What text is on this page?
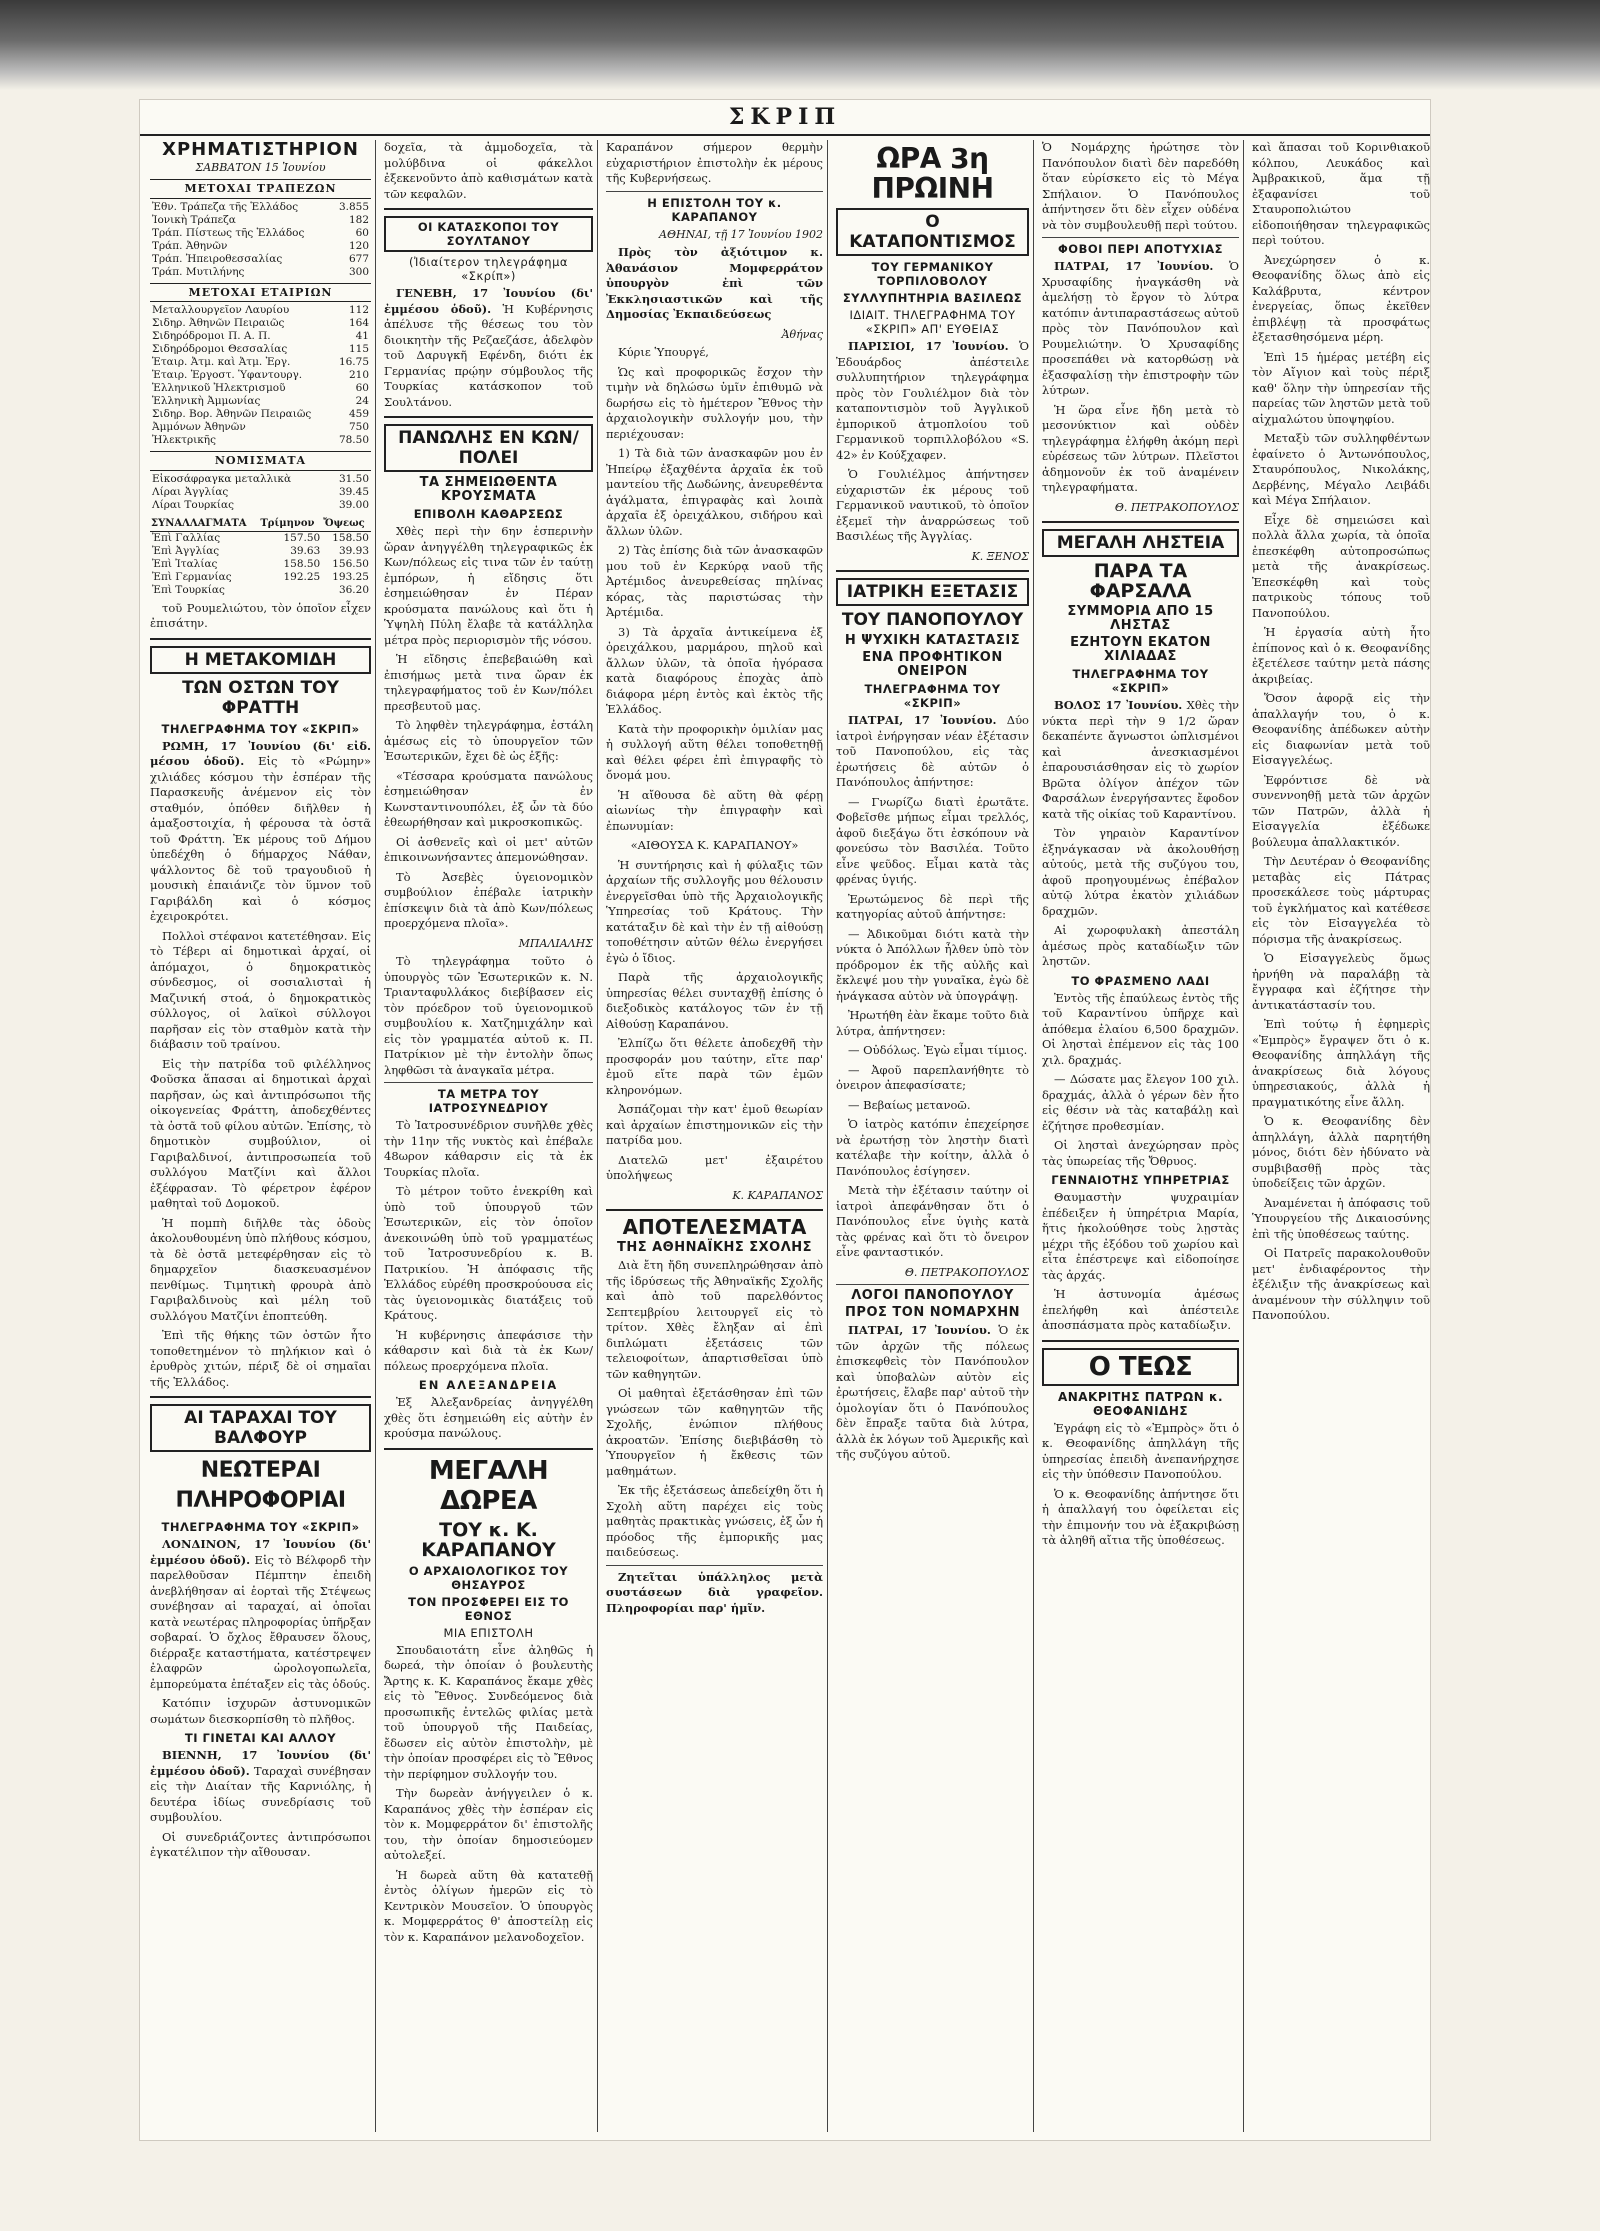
ΣΚΡΙΠ
ΧΡΗΜΑΤΙΣΤΗΡΙΟΝ
ΣΑΒΒΑΤΟΝ 15 Ἰουνίου
ΜΕΤΟΧΑΙ ΤΡΑΠΕΖΩΝ
Ἐθν. Τράπεζα τῆς Ἑλλάδος	3.855
Ἰονικὴ Τράπεζα	182
Τράπ. Πίστεως τῆς Ἑλλάδος	60
Τράπ. Ἀθηνῶν	120
Τράπ. Ἠπειροθεσσαλίας	677
Τράπ. Μυτιλήνης	300
ΜΕΤΟΧΑΙ ΕΤΑΙΡΙΩΝ
Μεταλλουργεῖον Λαυρίου	112
Σιδηρ. Ἀθηνῶν Πειραιῶς	164
Σιδηρόδρομοι Π. Α. Π.	41
Σιδηρόδρομοι Θεσσαλίας	115
Ἑταιρ. Ἀτμ. καὶ Ἀτμ. Ἐργ.	16.75
Ἑταιρ. Ἐργοστ. Ὑφαντουργ.	210
Ἑλληνικοῦ Ἠλεκτρισμοῦ	60
Ἑλληνικὴ Ἀμμωνίας	24
Σιδηρ. Βορ. Ἀθηνῶν Πειραιῶς	459
Ἀμμόνων Ἀθηνῶν	750
Ἠλεκτρικῆς	78.50
ΝΟΜΙΣΜΑΤΑ
Εἰκοσάφραγκα μεταλλικὰ	31.50
Λίραι Ἀγγλίας	39.45
Λίραι Τουρκίας	39.00
ΣΥΝΑΛΛΑΓΜΑΤΑ	Τρίμηνον	Ὄψεως
Ἐπὶ Γαλλίας	157.50	158.50
Ἐπὶ Ἀγγλίας	39.63	39.93
Ἐπὶ Ἰταλίας	158.50	156.50
Ἐπὶ Γερμανίας	192.25	193.25
Ἐπὶ Τουρκίας		36.20

τοῦ Ρουμελιώτου, τὸν ὁποῖον εἶχεν ἐπισάτην.

Η ΜΕΤΑΚΟΜΙΔΗ
ΤΩΝ ΟΣΤΩΝ ΤΟΥ ΦΡΑΤΤΗ
ΤΗΛΕΓΡΑΦΗΜΑ ΤΟΥ «ΣΚΡΙΠ»

ΡΩΜΗ, 17 Ἰουνίου (δι' εἰδ. μέσου ὁδοῦ). Εἰς τὸ «Ρώμην» χιλιάδες κόσμου τὴν ἑσπέραν τῆς Παρασκευῆς ἀνέμενον εἰς τὸν σταθμόν, ὁπόθεν διῆλθεν ἡ ἁμαξοστοιχία, ἡ φέρουσα τὰ ὀστᾶ τοῦ Φράττη. Ἐκ μέρους τοῦ Δήμου ὑπεδέχθη ὁ δήμαρχος Νάθαν, ψάλλοντος δὲ τοῦ τραγουδιοῦ ἡ μουσικὴ ἐπαιάνιζε τὸν ὕμνον τοῦ Γαριβάλδη καὶ ὁ κόσμος ἐχειροκρότει.

Πολλοὶ στέφανοι κατετέθησαν. Εἰς τὸ Τέβερι αἱ δημοτικαὶ ἀρχαί, οἱ ἀπόμαχοι, ὁ δημοκρατικὸς σύνδεσμος, οἱ σοσιαλισταὶ ἡ Μαζινική στοά, ὁ δημοκρατικὸς σύλλογος, οἱ λαϊκοὶ σύλλογοι παρῆσαν εἰς τὸν σταθμὸν κατὰ τὴν διάβασιν τοῦ τραίνου.

Εἰς τὴν πατρίδα τοῦ φιλέλληνος Φοῦσκα ἅπασαι αἱ δημοτικαὶ ἀρχαὶ παρῆσαν, ὡς καὶ ἀντιπρόσωποι τῆς οἰκογενείας Φράττη, ἀποδεχθέντες τὰ ὀστᾶ τοῦ φίλου αὐτῶν. Ἐπίσης, τὸ δημοτικὸν συμβούλιον, οἱ Γαριβαλδινοί, ἀντιπροσωπεία τοῦ συλλόγου Ματζίνι καὶ ἄλλοι ἐξέφρασαν. Τὸ φέρετρον ἐφέρον μαθηταὶ τοῦ Δομοκοῦ.

Ἡ πομπὴ διῆλθε τὰς ὁδοὺς ἀκολουθουμένη ὑπὸ πλήθους κόσμου, τὰ δὲ ὀστᾶ μετεφέρθησαν εἰς τὸ δημαρχεῖον διασκευασμένον πενθίμως. Τιμητικὴ φρουρὰ ἀπὸ Γαριβαλδινοὺς καὶ μέλη τοῦ συλλόγου Ματζίνι ἐποπτεύθη.

Ἐπὶ τῆς θήκης τῶν ὀστῶν ἦτο τοποθετημένον τὸ πηλήκιον καὶ ὁ ἐρυθρὸς χιτών, πέριξ δὲ οἱ σημαῖαι τῆς Ἑλλάδος.

ΑΙ ΤΑΡΑΧΑΙ ΤΟΥ ΒΑΛΦΟΥΡ
ΝΕΩΤΕΡΑΙ ΠΛΗΡΟΦΟΡΙΑΙ
ΤΗΛΕΓΡΑΦΗΜΑ ΤΟΥ «ΣΚΡΙΠ»

ΛΟΝΔΙΝΟΝ, 17 Ἰουνίου (δι' ἐμμέσου ὁδοῦ). Εἰς τὸ Βέλφορδ τὴν παρελθοῦσαν Πέμπτην ἐπειδὴ ἀνεβλήθησαν αἱ ἑορταὶ τῆς Στέψεως συνέβησαν αἱ ταραχαί, αἱ ὁποῖαι κατὰ νεωτέρας πληροφορίας ὑπῆρξαν σοβαραί. Ὁ ὄχλος ἔθραυσεν ὅλους, διέρραξε καταστήματα, κατέστρεψεν ἐλαφρῶν ὠρολογοπωλεῖα, ἐμπορεύματα ἐπέταξεν εἰς τὰς ὁδούς.

Κατόπιν ἰσχυρῶν ἀστυνομικῶν σωμάτων διεσκορπίσθη τὸ πλῆθος.

ΤΙ ΓΙΝΕΤΑΙ ΚΑΙ ΑΛΛΟΥ

ΒΙΕΝΝΗ, 17 Ἰουνίου (δι' ἐμμέσου ὁδοῦ). Ταραχαὶ συνέβησαν εἰς τὴν Διαίταν τῆς Καρνιόλης, ἡ δευτέρα ἰδίως συνεδρίασις τοῦ συμβουλίου.

Οἱ συνεδριάζοντες ἀντιπρόσωποι ἐγκατέλιπον τὴν αἴθουσαν.

δοχεῖα, τὰ ἀμμοδοχεῖα, τὰ μολύβδινα οἱ φάκελλοι ἐξεκενοῦντο ἀπὸ καθισμάτων κατὰ τῶν κεφαλῶν.

ΟΙ ΚΑΤΑΣΚΟΠΟΙ ΤΟΥ ΣΟΥΛΤΑΝΟΥ
(Ἰδιαίτερον τηλεγράφημα «Σκρίπ»)

ΓΕΝΕΒΗ, 17 Ἰουνίου (δι' ἐμμέσου ὁδοῦ). Ἡ Κυβέρνησις ἀπέλυσε τῆς θέσεως του τὸν διοικητὴν τῆς Ρεζαεζάσε, ἀδελφὸν τοῦ Δαρυγκῆ Εφένδη, διότι ἐκ Γερμανίας πρῴην σύμβουλος τῆς Τουρκίας κατάσκοπον τοῦ Σουλτάνου.

ΠΑΝΩΛΗΣ ΕΝ ΚΩΝ/ΠΟΛΕΙ
ΤΑ ΣΗΜΕΙΩΘΕΝΤΑ ΚΡΟΥΣΜΑΤΑ
ΕΠΙΒΟΛΗ ΚΑΘΑΡΣΕΩΣ

Χθὲς περὶ τὴν 6ην ἑσπερινὴν ὥραν ἀνηγγέλθη τηλεγραφικῶς ἐκ Κων/πόλεως εἰς τινα τῶν ἐν ταύτῃ ἐμπόρων, ἡ εἴδησις ὅτι ἐσημειώθησαν ἐν Πέραν κρούσματα πανώλους καὶ ὅτι ἡ Ὑψηλὴ Πύλη ἔλαβε τὰ κατάλληλα μέτρα πρὸς περιορισμὸν τῆς νόσου.

Ἡ εἴδησις ἐπεβεβαιώθη καὶ ἐπισήμως μετὰ τινα ὥραν ἐκ τηλεγραφήματος τοῦ ἐν Κων/πόλει πρεσβευτοῦ μας.

Τὸ ληφθὲν τηλεγράφημα, ἐστάλη ἀμέσως εἰς τὸ ὑπουργεῖον τῶν Ἐσωτερικῶν, ἔχει δὲ ὡς ἑξῆς:

«Τέσσαρα κρούσματα πανώλους ἐσημειώθησαν ἐν Κωνσταντινουπόλει, ἐξ ὧν τὰ δύο ἐθεωρήθησαν καὶ μικροσκοπικῶς.

Οἱ ἀσθενεῖς καὶ οἱ μετ' αὐτῶν ἐπικοινωνήσαντες ἀπεμονώθησαν.

Τὸ Ἀσεβὲς ὑγειονομικὸν συμβούλιον ἐπέβαλε ἰατρικὴν ἐπίσκεψιν διὰ τὰ ἀπὸ Κων/πόλεως προερχόμενα πλοῖα».

ΜΠΑΛΙΑΛΗΣ

Τὸ τηλεγράφημα τοῦτο ὁ ὑπουργὸς τῶν Ἐσωτερικῶν κ. Ν. Τριανταφυλλάκος διεβίβασεν εἰς τὸν πρόεδρον τοῦ ὑγειονομικοῦ συμβουλίου κ. Χατζημιχάλην καὶ εἰς τὸν γραμματέα αὐτοῦ κ. Π. Πατρίκιον μὲ τὴν ἐντολὴν ὅπως ληφθῶσι τὰ ἀναγκαῖα μέτρα.

ΤΑ ΜΕΤΡΑ ΤΟΥ ΙΑΤΡΟΣΥΝΕΔΡΙΟΥ

Τὸ Ἰατροσυνέδριον συνῆλθε χθὲς τὴν 11ην τῆς νυκτὸς καὶ ἐπέβαλε 48ωρον κάθαρσιν εἰς τὰ ἐκ Τουρκίας πλοῖα.

Τὸ μέτρον τοῦτο ἐνεκρίθη καὶ ὑπὸ τοῦ ὑπουργοῦ τῶν Ἐσωτερικῶν, εἰς τὸν ὁποῖον ἀνεκοινώθη ὑπὸ τοῦ γραμματέως τοῦ Ἰατροσυνεδρίου κ. Β. Πατρικίου. Ἡ ἀπόφασις τῆς Ἑλλάδος εὐρέθη προσκρούουσα εἰς τὰς ὑγειονομικὰς διατάξεις τοῦ Κράτους.

Ἡ κυβέρνησις ἀπεφάσισε τὴν κάθαρσιν καὶ διὰ τὰ ἐκ Κων/πόλεως προερχόμενα πλοῖα.

ΕΝ ΑΛΕΞΑΝΔΡΕΙΑ

Ἐξ Ἀλεξανδρείας ἀνηγγέλθη χθὲς ὅτι ἐσημειώθη εἰς αὐτὴν ἐν κρούσμα πανώλους.

ΜΕΓΑΛΗ ΔΩΡΕΑ
ΤΟΥ κ. Κ. ΚΑΡΑΠΑΝΟΥ
Ο ΑΡΧΑΙΟΛΟΓΙΚΟΣ ΤΟΥ ΘΗΣΑΥΡΟΣ
ΤΟΝ ΠΡΟΣΦΕΡΕΙ ΕΙΣ ΤΟ ΕΘΝΟΣ
ΜΙΑ ΕΠΙΣΤΟΛΗ

Σπουδαιοτάτη εἶνε ἀληθῶς ἡ δωρεά, τὴν ὁποίαν ὁ βουλευτὴς Ἄρτης κ. Κ. Καραπάνος ἔκαμε χθὲς εἰς τὸ Ἔθνος. Συνδεόμενος διὰ προσωπικῆς ἐντελῶς φιλίας μετὰ τοῦ ὑπουργοῦ τῆς Παιδείας, ἔδωσεν εἰς αὐτὸν ἐπιστολὴν, μὲ τὴν ὁποίαν προσφέρει εἰς τὸ Ἔθνος τὴν περίφημον συλλογήν του.

Τὴν δωρεὰν ἀνήγγειλεν ὁ κ. Καραπάνος χθὲς τὴν ἑσπέραν εἰς τὸν κ. Μομφερράτον δι' ἐπιστολῆς του, τὴν ὁποίαν δημοσιεύομεν αὐτολεξεί.

Ἡ δωρεὰ αὕτη θὰ κατατεθῇ ἐντὸς ὀλίγων ἡμερῶν εἰς τὸ Κεντρικὸν Μουσεῖον. Ὁ ὑπουργὸς κ. Μομφερράτος θ' ἀποστείλῃ εἰς τὸν κ. Καραπάνον μελανοδοχεῖον.

Καραπάνον σήμερον θερμὴν εὐχαριστήριον ἐπιστολὴν ἐκ μέρους τῆς Κυβερνήσεως.

Η ΕΠΙΣΤΟΛΗ ΤΟΥ κ. ΚΑΡΑΠΑΝΟΥ
ΑΘΗΝΑΙ, τῇ 17 Ἰουνίου 1902

Πρὸς τὸν ἀξιότιμον κ. Ἀθανάσιον Μομφερράτον ὑπουργὸν ἐπὶ τῶν Ἐκκλησιαστικῶν καὶ τῆς Δημοσίας Ἐκπαιδεύσεως

Ἀθήνας

Κύριε Ὑπουργέ,

Ὡς καὶ προφορικῶς ἔσχον τὴν τιμὴν νὰ δηλώσω ὑμῖν ἐπιθυμῶ νὰ δωρήσω εἰς τὸ ἡμέτερον Ἔθνος τὴν ἀρχαιολογικὴν συλλογήν μου, τὴν περιέχουσαν:

1) Τὰ διὰ τῶν ἀνασκαφῶν μου ἐν Ἠπείρῳ ἐξαχθέντα ἀρχαῖα ἐκ τοῦ μαντείου τῆς Δωδώνης, ἀνευρεθέντα ἀγάλματα, ἐπιγραφὰς καὶ λοιπὰ ἀρχαῖα ἐξ ὀρειχάλκου, σιδήρου καὶ ἄλλων ὑλῶν.

2) Τὰς ἐπίσης διὰ τῶν ἀνασκαφῶν μου τοῦ ἐν Κερκύρᾳ ναοῦ τῆς Ἀρτέμιδος ἀνευρεθείσας πηλίνας κόρας, τὰς παριστώσας τὴν Ἀρτέμιδα.

3) Τὰ ἀρχαῖα ἀντικείμενα ἐξ ὀρειχάλκου, μαρμάρου, πηλοῦ καὶ ἄλλων ὑλῶν, τὰ ὁποῖα ἠγόρασα κατὰ διαφόρους ἐποχὰς ἀπὸ διάφορα μέρη ἐντὸς καὶ ἐκτὸς τῆς Ἑλλάδος.

Κατὰ τὴν προφορικὴν ὁμιλίαν μας ἡ συλλογή αὕτη θέλει τοποθετηθῇ καὶ θέλει φέρει ἐπὶ ἐπιγραφῆς τὸ ὄνομά μου.

Ἡ αἴθουσα δὲ αὕτη θὰ φέρῃ αἰωνίως τὴν ἐπιγραφὴν καὶ ἐπωνυμίαν:

«ΑΙΘΟΥΣΑ Κ. ΚΑΡΑΠΑΝΟΥ»

Ἡ συντήρησις καὶ ἡ φύλαξις τῶν ἀρχαίων τῆς συλλογῆς μου θέλουσιν ἐνεργεῖσθαι ὑπὸ τῆς Ἀρχαιολογικῆς Ὑπηρεσίας τοῦ Κράτους. Τὴν κατάταξιν δὲ καὶ τὴν ἐν τῇ αἰθούσῃ τοποθέτησιν αὐτῶν θέλω ἐνεργήσει ἐγὼ ὁ ἴδιος.

Παρὰ τῆς ἀρχαιολογικῆς ὑπηρεσίας θέλει συνταχθῇ ἐπίσης ὁ διεξοδικὸς κατάλογος τῶν ἐν τῇ Αἰθούσῃ Καραπάνου.

Ἐλπίζω ὅτι θέλετε ἀποδεχθῆ τὴν προσφοράν μου ταύτην, εἴτε παρ' ἐμοῦ εἴτε παρὰ τῶν ἐμῶν κληρονόμων.

Ἀσπάζομαι τὴν κατ' ἐμοῦ θεωρίαν καὶ ἀρχαίων ἐπιστημονικῶν εἰς τὴν πατρίδα μου.

Διατελῶ μετ' ἐξαιρέτου ὑπολήψεως

Κ. ΚΑΡΑΠΑΝΟΣ
ΑΠΟΤΕΛΕΣΜΑΤΑ
ΤΗΣ ΑΘΗΝΑΪΚΗΣ ΣΧΟΛΗΣ

Διὰ ἔτη ἤδη συνεπληρώθησαν ἀπὸ τῆς ἱδρύσεως τῆς Ἀθηναϊκῆς Σχολῆς καὶ ἀπὸ τοῦ παρελθόντος Σεπτεμβρίου λειτουργεῖ εἰς τὸ τρίτον. Χθὲς ἔληξαν αἱ ἐπὶ διπλώματι ἐξετάσεις τῶν τελειοφοίτων, ἀπαρτισθεῖσαι ὑπὸ τῶν καθηγητῶν.

Οἱ μαθηταὶ ἐξετάσθησαν ἐπὶ τῶν γνώσεων τῶν καθηγητῶν τῆς Σχολῆς, ἐνώπιον πλήθους ἀκροατῶν. Ἐπίσης διεβιβάσθη τὸ Ὑπουργεῖον ἡ ἔκθεσις τῶν μαθημάτων.

Ἐκ τῆς ἐξετάσεως ἀπεδείχθη ὅτι ἡ Σχολὴ αὕτη παρέχει εἰς τοὺς μαθητὰς πρακτικὰς γνώσεις, ἐξ ὧν ἡ πρόοδος τῆς ἐμπορικῆς μας παιδεύσεως.

Ζητεῖται ὑπάλληλος μετὰ συστάσεων διὰ γραφεῖον. Πληροφορίαι παρ' ἡμῖν.

ΩΡΑ 3η ΠΡΩΙΝΗ
Ο ΚΑΤΑΠΟΝΤΙΣΜΟΣ
ΤΟΥ ΓΕΡΜΑΝΙΚΟΥ ΤΟΡΠΙΛΟΒΟΛΟΥ
ΣΥΛΛΥΠΗΤΗΡΙΑ ΒΑΣΙΛΕΩΣ
ΙΔΙΑΙΤ. ΤΗΛΕΓΡΑΦΗΜΑ ΤΟΥ «ΣΚΡΙΠ» ΑΠ' ΕΥΘΕΙΑΣ

ΠΑΡΙΣΙΟΙ, 17 Ἰουνίου. Ὁ Ἐδουάρδος ἀπέστειλε συλλυπητήριον τηλεγράφημα πρὸς τὸν Γουλιέλμον διὰ τὸν καταποντισμὸν τοῦ Ἀγγλικοῦ ἐμπορικοῦ ἀτμοπλοίου τοῦ Γερμανικοῦ τορπιλλοβόλου «S. 42» ἐν Κούξχαφεν.

Ὁ Γουλιέλμος ἀπήντησεν εὐχαριστῶν ἐκ μέρους τοῦ Γερμανικοῦ ναυτικοῦ, τὸ ὁποῖον ἐξεμεῖ τὴν ἀναρρώσεως τοῦ Βασιλέως τῆς Ἀγγλίας.

Κ. ΞΕΝΟΣ
ΙΑΤΡΙΚΗ ΕΞΕΤΑΣΙΣ
ΤΟΥ ΠΑΝΟΠΟΥΛΟΥ
Η ΨΥΧΙΚΗ ΚΑΤΑΣΤΑΣΙΣ
ΕΝΑ ΠΡΟΦΗΤΙΚΟΝ ΟΝΕΙΡΟΝ
ΤΗΛΕΓΡΑΦΗΜΑ ΤΟΥ «ΣΚΡΙΠ»

ΠΑΤΡΑΙ, 17 Ἰουνίου. Δύο ἰατροὶ ἐνήργησαν νέαν ἐξέτασιν τοῦ Πανοπούλου, εἰς τὰς ἐρωτήσεις δὲ αὐτῶν ὁ Πανόπουλος ἀπήντησε:

— Γνωρίζω διατὶ ἐρωτᾶτε. Φοβεῖσθε μήπως εἶμαι τρελλός, ἀφοῦ διεξάγω ὅτι ἐσκόπουν νὰ φονεύσω τὸν Βασιλέα. Τοῦτο εἶνε ψεῦδος. Εἶμαι κατὰ τὰς φρένας ὑγιής.

Ἐρωτώμενος δὲ περὶ τῆς κατηγορίας αὐτοῦ ἀπήντησε:

— Ἀδικοῦμαι διότι κατὰ τὴν νύκτα ὁ Ἀπόλλων ἦλθεν ὑπὸ τὸν πρόδρομον ἐκ τῆς αὐλῆς καὶ ἔκλεψέ μου τὴν γυναῖκα, ἐγὼ δὲ ἠνάγκασα αὐτὸν νὰ ὑπογράψῃ.

Ἠρωτήθη ἐὰν ἔκαμε τοῦτο διὰ λύτρα, ἀπήντησεν:

— Οὐδόλως. Ἐγὼ εἶμαι τίμιος.

— Ἀφοῦ παρεπλανήθητε τὸ ὀνειρον ἀπεφασίσατε;

— Βεβαίως μετανοῶ.

Ὁ ἰατρὸς κατόπιν ἐπεχείρησε νὰ ἐρωτήσῃ τὸν ληστὴν διατὶ κατέλαβε τὴν κοίτην, ἀλλὰ ὁ Πανόπουλος ἐσίγησεν.

Μετὰ τὴν ἐξέτασιν ταύτην οἱ ἰατροὶ ἀπεφάνθησαν ὅτι ὁ Πανόπουλος εἶνε ὑγιὴς κατὰ τὰς φρένας καὶ ὅτι τὸ ὄνειρον εἶνε φανταστικόν.

Θ. ΠΕΤΡΑΚΟΠΟΥΛΟΣ
ΛΟΓΟΙ ΠΑΝΟΠΟΥΛΟΥ
ΠΡΟΣ ΤΟΝ ΝΟΜΑΡΧΗΝ

ΠΑΤΡΑΙ, 17 Ἰουνίου. Ὁ ἐκ τῶν ἀρχῶν τῆς πόλεως ἐπισκεφθεὶς τὸν Πανόπουλον καὶ ὑποβαλὼν αὐτὸν εἰς ἐρωτήσεις, ἔλαβε παρ' αὐτοῦ τὴν ὁμολογίαν ὅτι ὁ Πανόπουλος δὲν ἔπραξε ταῦτα διὰ λύτρα, ἀλλὰ ἐκ λόγων τοῦ Ἀμερικῆς καὶ τῆς συζύγου αὐτοῦ.

Ὁ Νομάρχης ἠρώτησε τὸν Πανόπουλον διατὶ δὲν παρεδόθη ὅταν εὑρίσκετο εἰς τὸ Μέγα Σπήλαιον. Ὁ Πανόπουλος ἀπήντησεν ὅτι δὲν εἶχεν οὐδένα νὰ τὸν συμβουλευθῇ περὶ τούτου.

ΦΟΒΟΙ ΠΕΡΙ ΑΠΟΤΥΧΙΑΣ

ΠΑΤΡΑΙ, 17 Ἰουνίου. Ὁ Χρυσαφίδης ἠναγκάσθη νὰ ἀμελήσῃ τὸ ἔργον τὸ λύτρα κατόπιν ἀντιπαραστάσεως αὐτοῦ πρὸς τὸν Πανόπουλον καὶ Ρουμελιώτην. Ὁ Χρυσαφίδης προσεπάθει νὰ κατορθώσῃ νὰ ἐξασφαλίσῃ τὴν ἐπιστροφὴν τῶν λύτρων.

Ἡ ὥρα εἶνε ἤδη μετὰ τὸ μεσονύκτιον καὶ οὐδὲν τηλεγράφημα ἐλήφθη ἀκόμη περὶ εὑρέσεως τῶν λύτρων. Πλεῖστοι ἀδημονοῦν ἐκ τοῦ ἀναμένειν τηλεγραφήματα.

Θ. ΠΕΤΡΑΚΟΠΟΥΛΟΣ
ΜΕΓΑΛΗ ΛΗΣΤΕΙΑ
ΠΑΡΑ ΤΑ ΦΑΡΣΑΛΑ
ΣΥΜΜΟΡΙΑ ΑΠΟ 15 ΛΗΣΤΑΣ
ΕΖΗΤΟΥΝ ΕΚΑΤΟΝ ΧΙΛΙΑΔΑΣ
ΤΗΛΕΓΡΑΦΗΜΑ ΤΟΥ «ΣΚΡΙΠ»

ΒΟΛΟΣ 17 Ἰουνίου. Χθὲς τὴν νύκτα περὶ τὴν 9 1/2 ὥραν δεκαπέντε ἄγνωστοι ὡπλισμένοι καὶ ἀνεσκιασμένοι ἐπαρουσιάσθησαν εἰς τὸ χωρίον Βρῶτα ὀλίγον ἀπέχον τῶν Φαρσάλων ἐνεργήσαντες ἔφοδον κατὰ τῆς οἰκίας τοῦ Καραντίνου.

Τὸν γηραιὸν Καραντίνον ἐξηνάγκασαν νὰ ἀκολουθήσῃ αὐτούς, μετὰ τῆς συζύγου του, ἀφοῦ προηγουμένως ἐπέβαλον αὐτῷ λύτρα ἑκατὸν χιλιάδων δραχμῶν.

Αἱ χωροφυλακὴ ἀπεστάλη ἀμέσως πρὸς καταδίωξιν τῶν ληστῶν.

ΤΟ ΦΡΑΣΜΕΝΟ ΛΑΔΙ

Ἐντὸς τῆς ἐπαύλεως ἐντὸς τῆς τοῦ Καραντίνου ὑπῆρχε καὶ ἀπόθεμα ἐλαίου 6,500 δραχμῶν. Οἱ λησταὶ ἐπέμενον εἰς τὰς 100 χιλ. δραχμάς.

— Δώσατε μας ἔλεγον 100 χιλ. δραχμάς, ἀλλὰ ὁ γέρων δὲν ἦτο εἰς θέσιν νὰ τὰς καταβάλῃ καὶ ἐζήτησε προθεσμίαν.

Οἱ λησταὶ ἀνεχώρησαν πρὸς τὰς ὑπωρείας τῆς Ὄθρυος.

ΓΕΝΝΑΙΟΤΗΣ ΥΠΗΡΕΤΡΙΑΣ

Θαυμαστὴν ψυχραιμίαν ἐπέδειξεν ἡ ὑπηρέτρια Μαρία, ἥτις ἠκολούθησε τοὺς λῃστὰς μέχρι τῆς ἐξόδου τοῦ χωρίου καὶ εἶτα ἐπέστρεψε καὶ εἰδοποίησε τὰς ἀρχάς.

Ἡ ἀστυνομία ἀμέσως ἐπελήφθη καὶ ἀπέστειλε ἀποσπάσματα πρὸς καταδίωξιν.

Ο ΤΕΩΣ
ΑΝΑΚΡΙΤΗΣ ΠΑΤΡΩΝ κ. ΘΕΟΦΑΝΙΔΗΣ

Ἐγράφη εἰς τὸ «Ἐμπρὸς» ὅτι ὁ κ. Θεοφανίδης ἀπηλλάγη τῆς ὑπηρεσίας ἐπειδὴ ἀνεπανήρχησε εἰς τὴν ὑπόθεσιν Πανοπούλου.

Ὁ κ. Θεοφανίδης ἀπήντησε ὅτι ἡ ἀπαλλαγή του ὀφείλεται εἰς τὴν ἐπιμονήν του νὰ ἐξακριβώσῃ τὰ ἀληθῆ αἴτια τῆς ὑποθέσεως.

καὶ ἅπασαι τοῦ Κορινθιακοῦ κόλπου, Λευκάδος καὶ Ἀμβρακικοῦ, ἅμα τῇ ἐξαφανίσει τοῦ Σταυροπολιώτου εἰδοποιήθησαν τηλεγραφικῶς περὶ τούτου.

Ἀνεχώρησεν ὁ κ. Θεοφανίδης ὅλως ἀπὸ εἰς Καλάβρυτα, κέντρον ἐνεργείας, ὅπως ἐκεῖθεν ἐπιβλέψῃ τὰ προσφάτως ἐξετασθησόμενα μέρη.

Ἐπὶ 15 ἡμέρας μετέβη εἰς τὸν Αἴγιον καὶ τοὺς πέριξ καθ' ὅλην τὴν ὑπηρεσίαν τῆς παρείας τῶν ληστῶν μετὰ τοῦ αἰχμαλώτου ὑποψηφίου.

Μεταξὺ τῶν συλληφθέντων ἐφαίνετο ὁ Ἀντωνόπουλος, Σταυρόπουλος, Νικολάκης, Δερβένης, Μέγαλο Λειβάδι καὶ Μέγα Σπήλαιον.

Εἶχε δὲ σημειώσει καὶ πολλὰ ἄλλα χωρία, τὰ ὁποῖα ἐπεσκέφθη αὐτοπροσώπως μετὰ τῆς ἀνακρίσεως. Ἐπεσκέφθη καὶ τοὺς πατρικοὺς τόπους τοῦ Πανοπούλου.

Ἡ ἐργασία αὐτὴ ἦτο ἐπίπονος καὶ ὁ κ. Θεοφανίδης ἐξετέλεσε ταύτην μετὰ πάσης ἀκριβείας.

Ὅσον ἀφορᾷ εἰς τὴν ἀπαλλαγήν του, ὁ κ. Θεοφανίδης ἀπέδωκεν αὐτὴν εἰς διαφωνίαν μετὰ τοῦ Εἰσαγγελέως.

Ἐφρόντισε δὲ νὰ συνεννοηθῇ μετὰ τῶν ἀρχῶν τῶν Πατρῶν, ἀλλὰ ἡ Εἰσαγγελία ἐξέδωκε βούλευμα ἀπαλλακτικόν.

Τὴν Δευτέραν ὁ Θεοφανίδης μεταβὰς εἰς Πάτρας προσεκάλεσε τοὺς μάρτυρας τοῦ ἐγκλήματος καὶ κατέθεσε εἰς τὸν Εἰσαγγελέα τὸ πόρισμα τῆς ἀνακρίσεως.

Ὁ Εἰσαγγελεὺς ὅμως ἠρνήθη νὰ παραλάβῃ τὰ ἔγγραφα καὶ ἐζήτησε τὴν ἀντικατάστασίν του.

Ἐπὶ τούτῳ ἡ ἐφημερὶς «Ἐμπρὸς» ἔγραψεν ὅτι ὁ κ. Θεοφανίδης ἀπηλλάγη τῆς ἀνακρίσεως διὰ λόγους ὑπηρεσιακούς, ἀλλὰ ἡ πραγματικότης εἶνε ἄλλη.

Ὁ κ. Θεοφανίδης δὲν ἀπηλλάγη, ἀλλὰ παρητήθη μόνος, διότι δὲν ἠδύνατο νὰ συμβιβασθῇ πρὸς τὰς ὑποδείξεις τῶν ἀρχῶν.

Ἀναμένεται ἡ ἀπόφασις τοῦ Ὑπουργείου τῆς Δικαιοσύνης ἐπὶ τῆς ὑποθέσεως ταύτης.

Οἱ Πατρεῖς παρακολουθοῦν μετ' ἐνδιαφέροντος τὴν ἐξέλιξιν τῆς ἀνακρίσεως καὶ ἀναμένουν τὴν σύλληψιν τοῦ Πανοπούλου.
